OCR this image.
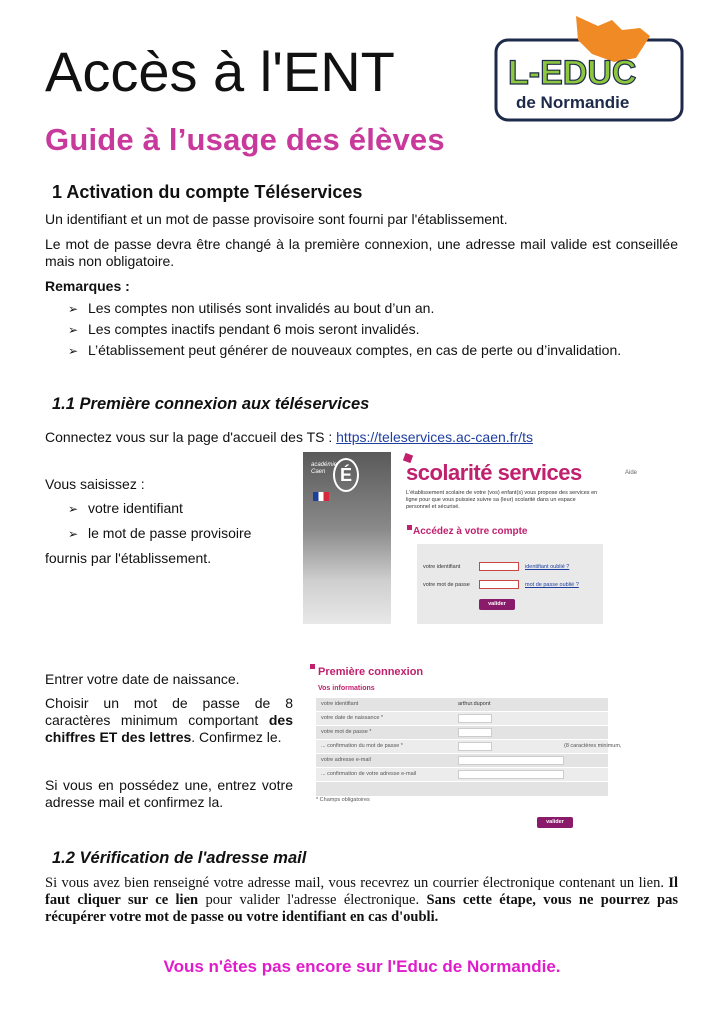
Accès à l'ENT
Guide à l’usage des élèves
L-EDUC
de Normandie
1 Activation du compte Téléservices
Un identifiant et un mot de passe provisoire sont fourni par l'établissement.
Le mot de passe devra être changé à la première connexion, une adresse mail valide est conseillée mais non obligatoire.
Remarques :
➢ Les comptes non utilisés sont invalidés au bout d’un an.
➢ Les comptes inactifs pendant 6 mois seront invalidés.
➢ L’établissement peut générer de nouveaux comptes, en cas de perte ou d’invalidation.
1.1 Première connexion aux téléservices
Connectez vous sur la page d'accueil des TS : https://teleservices.ac-caen.fr/ts
Vous saisissez :
➢ votre identifiant
➢ le mot de passe provisoire
fournis par l'établissement.
académie Caen É	scolarité services	Aide
L'établissement scolaire de votre (vos) enfant(s) vous propose des services en ligne pour que vous puissiez suivre sa (leur) scolarité dans un espace personnel et sécurisé.
Accédez à votre compte
votre identifiant	identifiant oublié ?
votre mot de passe	mot de passe oublié ?
valider
Entrer votre date de naissance.
Choisir un mot de passe de 8 caractères minimum comportant des chiffres ET des lettres. Confirmez le.
Si vous en possédez une, entrez votre adresse mail et confirmez la.
Première connexion
Vos informations
votre identifiant	arthur.dupont
votre date de naissance *
votre mot de passe *
... confirmation du mot de passe *	(8 caractères minimum,
votre adresse e-mail
... confirmation de votre adresse e-mail
* Champs obligatoires
valider
1.2 Vérification de l'adresse mail
Si vous avez bien renseigné votre adresse mail, vous recevrez un courrier électronique contenant un lien. Il faut cliquer sur ce lien pour valider l'adresse électronique. Sans cette étape, vous ne pourrez pas récupérer votre mot de passe ou votre identifiant en cas d'oubli.
Vous n'êtes pas encore sur l'Educ de Normandie.
